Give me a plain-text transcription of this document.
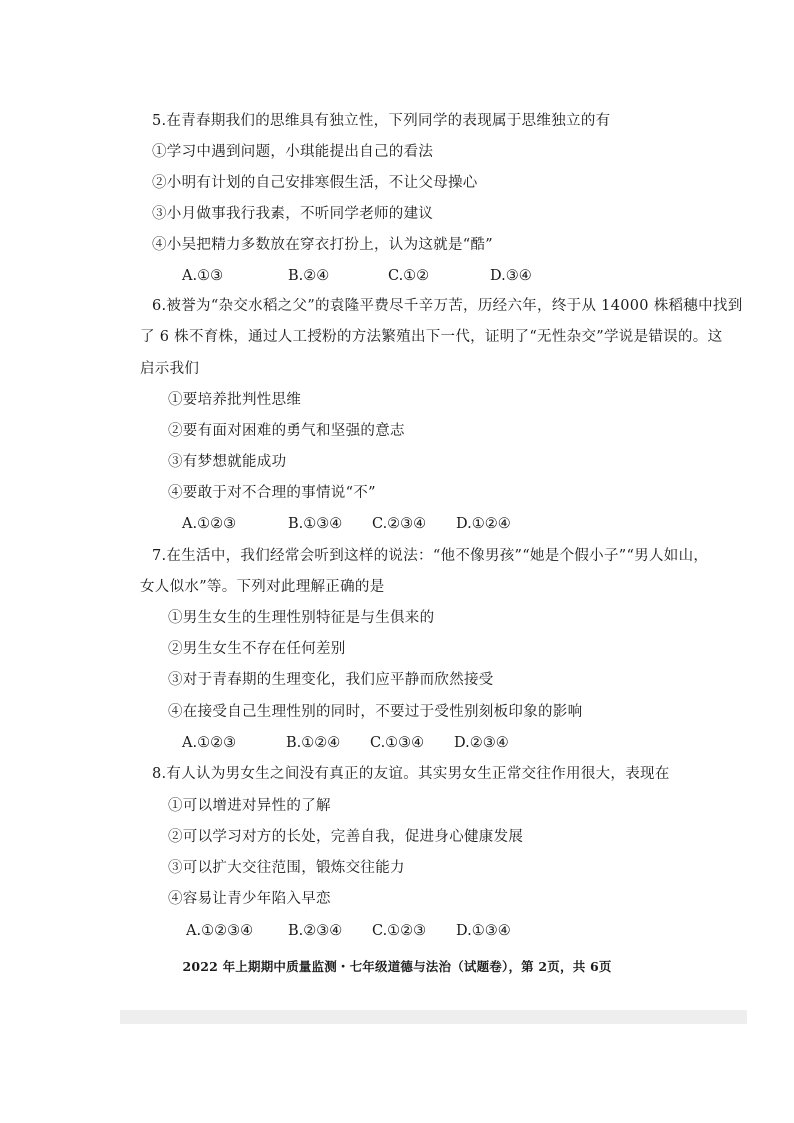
5.在青春期我们的思维具有独立性，下列同学的表现属于思维独立的有
①学习中遇到问题，小琪能提出自己的看法
②小明有计划的自己安排寒假生活，不让父母操心
③小月做事我行我素，不听同学老师的建议
④小吴把精力多数放在穿衣打扮上，认为这就是“酷”
A.①③	B.②④	C.①②	D.③④
6.被誉为“杂交水稻之父”的袁隆平费尽千辛万苦，历经六年，终于从 14000 株稻穗中找到
了 6 株不育株，通过人工授粉的方法繁殖出下一代，证明了“无性杂交”学说是错误的。这
启示我们
①要培养批判性思维
②要有面对困难的勇气和坚强的意志
③有梦想就能成功
④要敢于对不合理的事情说“不”
A.①②③	B.①③④ C.②③④ D.①②④
7.在生活中，我们经常会听到这样的说法：“他不像男孩”“她是个假小子”“男人如山，
女人似水”等。下列对此理解正确的是
①男生女生的生理性别特征是与生俱来的
②男生女生不存在任何差别
③对于青春期的生理变化，我们应平静而欣然接受
④在接受自己生理性别的同时，不要过于受性别刻板印象的影响
A.①②③	B.①②④ C.①③④ D.②③④
8.有人认为男女生之间没有真正的友谊。其实男女生正常交往作用很大，表现在
①可以增进对异性的了解
②可以学习对方的长处，完善自我，促进身心健康发展
③可以扩大交往范围，锻炼交往能力
④容易让青少年陷入早恋
A.①②③④ B.②③④ C.①②③ D.①③④
2022 年上期期中质量监测・七年级道德与法治（试题卷），第 2页，共 6页
